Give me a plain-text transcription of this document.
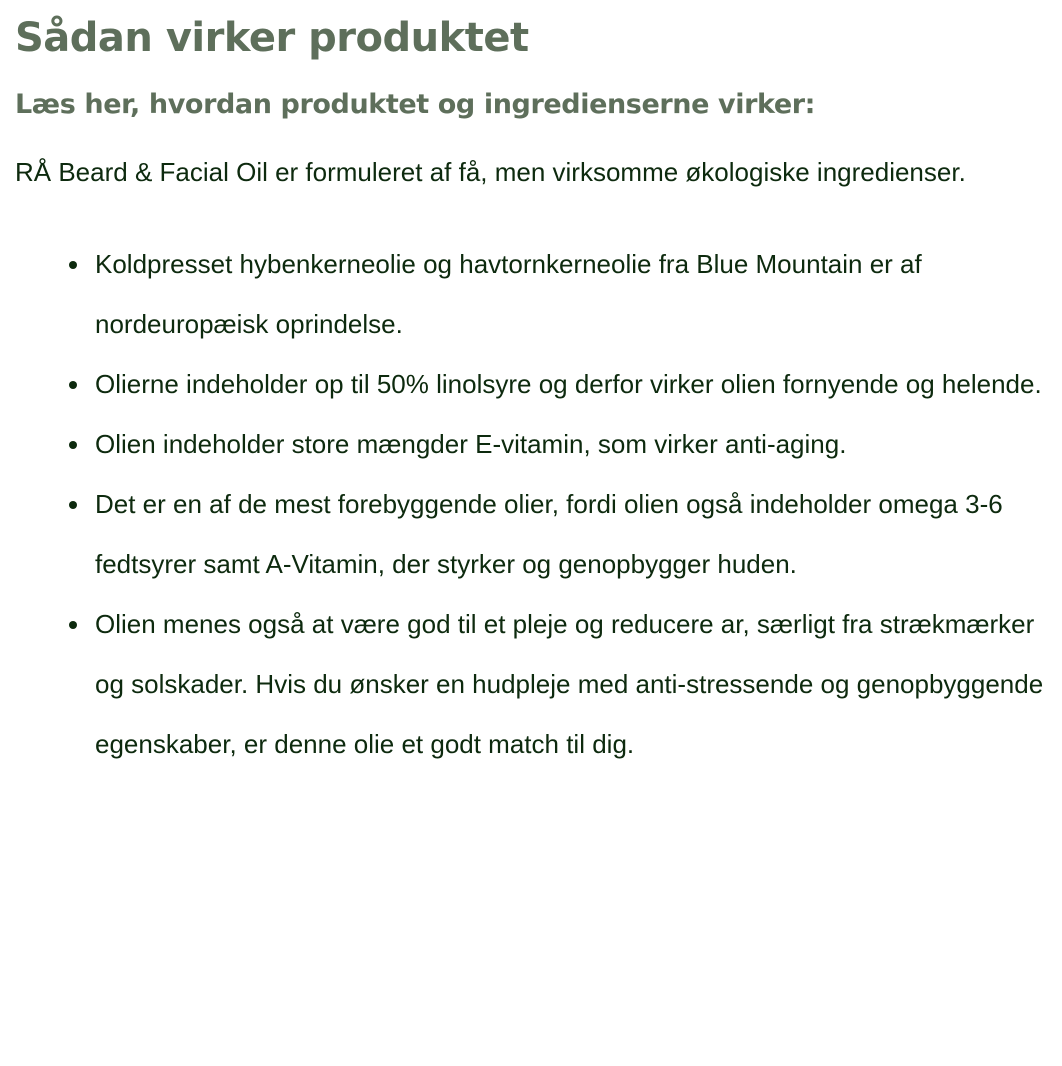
Sådan virker produktet
Læs her, hvordan produktet og ingredienserne virker:

RÅ Beard & Facial Oil er formuleret af få, men virksomme økologiske ingredienser.

Koldpresset hybenkerneolie og havtornkerneolie fra Blue Mountain er af nordeuropæisk oprindelse.
Olierne indeholder op til 50% linolsyre og derfor virker olien fornyende og helende.
Olien indeholder store mængder E-vitamin, som virker anti-aging.
Det er en af de mest forebyggende olier, fordi olien også indeholder omega 3-6 fedtsyrer samt A-Vitamin, der styrker og genopbygger huden.
Olien menes også at være god til et pleje og reducere ar, særligt fra strækmærker og solskader. Hvis du ønsker en hudpleje med anti-stressende og genopbyggende egenskaber, er denne olie et godt match til dig.
